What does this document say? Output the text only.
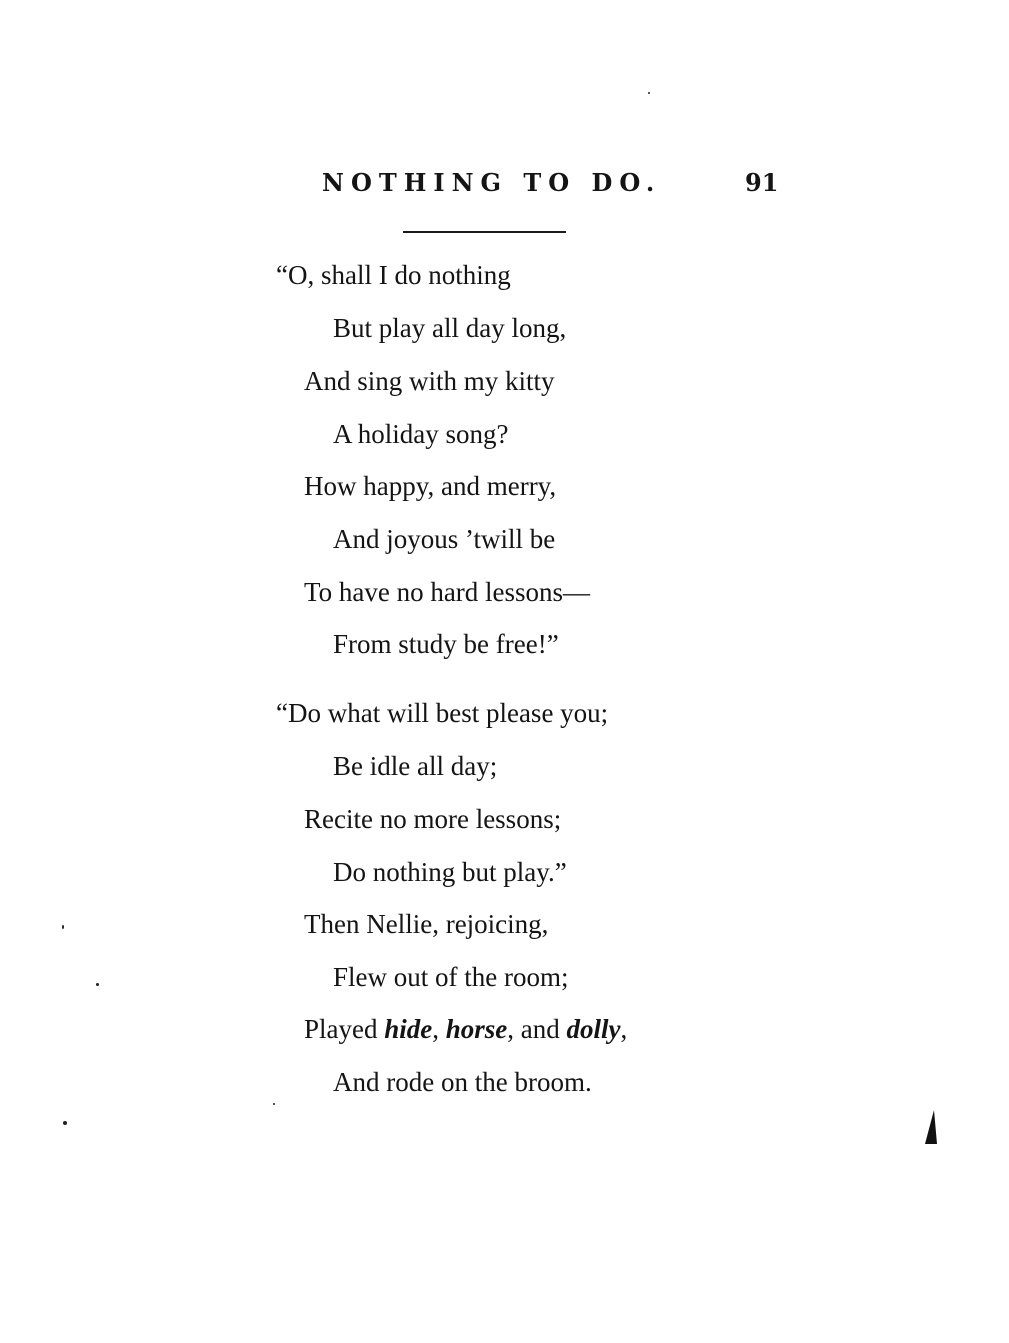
NOTHING TO DO.	91
“O, shall I do nothing
But play all day long,
And sing with my kitty
A holiday song?
How happy, and merry,
And joyous ’twill be
To have no hard lessons—
From study be free!”
“Do what will best please you;
Be idle all day;
Recite no more lessons;
Do nothing but play.”
Then Nellie, rejoicing,
Flew out of the room;
Played hide, horse, and dolly,
And rode on the broom.
